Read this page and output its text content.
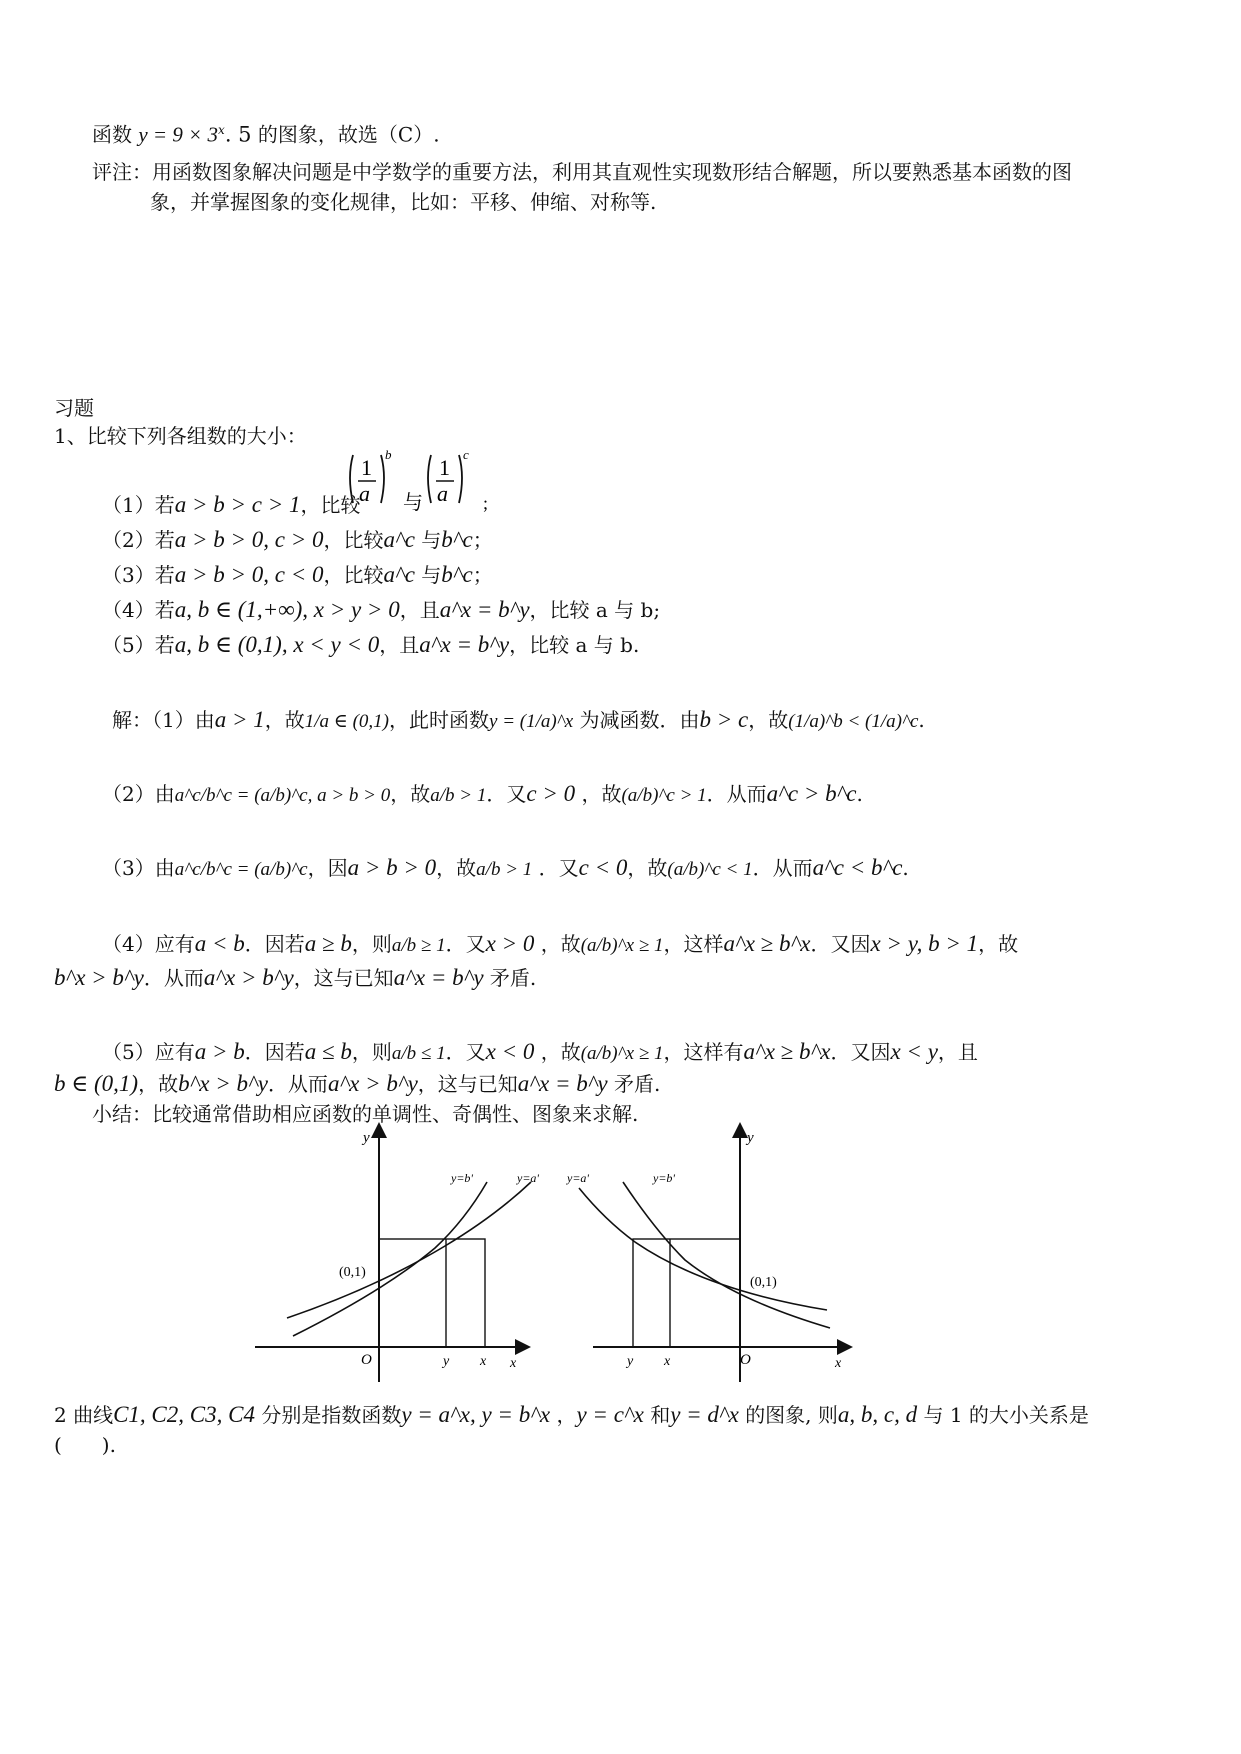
函数 $y = 9 \times 3^x$. 5 的图象，故选（C）.
评注：用函数图象解决问题是中学数学的重要方法，利用其直观性实现数形结合解题，所以要熟悉基本函数的图
象，并掌握图象的变化规律，比如：平移、伸缩、对称等.
习题
1、比较下列各组数的大小：
（1）若a > b > c > 1，比较
1
a
b
与
1
a
c
;
（2）若a > b > 0, c > 0，比较a^c 与b^c；
（3）若a > b > 0, c < 0，比较a^c 与b^c；
（4）若a, b ∈ (1,+∞), x > y > 0，且a^x = b^y，比较 a 与 b;
（5）若a, b ∈ (0,1), x < y < 0，且a^x = b^y，比较 a 与 b.
解：（1）由a > 1，故1/a ∈ (0,1)，此时函数y = (1/a)^x 为减函数．由b > c，故(1/a)^b < (1/a)^c.
（2）由a^c/b^c = (a/b)^c, a > b > 0，故a/b > 1．又c > 0 ，故(a/b)^c > 1．从而a^c > b^c.
（3）由a^c/b^c = (a/b)^c，因a > b > 0，故a/b > 1 ．又c < 0，故(a/b)^c < 1．从而a^c < b^c.
（4）应有a < b．因若a ≥ b，则a/b ≥ 1．又x > 0 ，故(a/b)^x ≥ 1，这样a^x ≥ b^x．又因x > y, b > 1，故
b^x > b^y．从而a^x > b^y，这与已知a^x = b^y 矛盾.
（5）应有a > b．因若a ≤ b，则a/b ≤ 1．又x < 0 ，故(a/b)^x ≥ 1，这样有a^x ≥ b^x．又因x < y，且
b ∈ (0,1)，故b^x > b^y．从而a^x > b^y，这与已知a^x = b^y 矛盾.
小结：比较通常借助相应函数的单调性、奇偶性、图象来求解.
y
x
O
(0,1)
y=b'	y=a'
y x
y
x
O
(0,1)
y=a'	y=b'
y x
2 曲线C1, C2, C3, C4 分别是指数函数y = a^x, y = b^x ，y = c^x 和y = d^x 的图象, 则a, b, c, d 与 1 的大小关系是
(　　).
